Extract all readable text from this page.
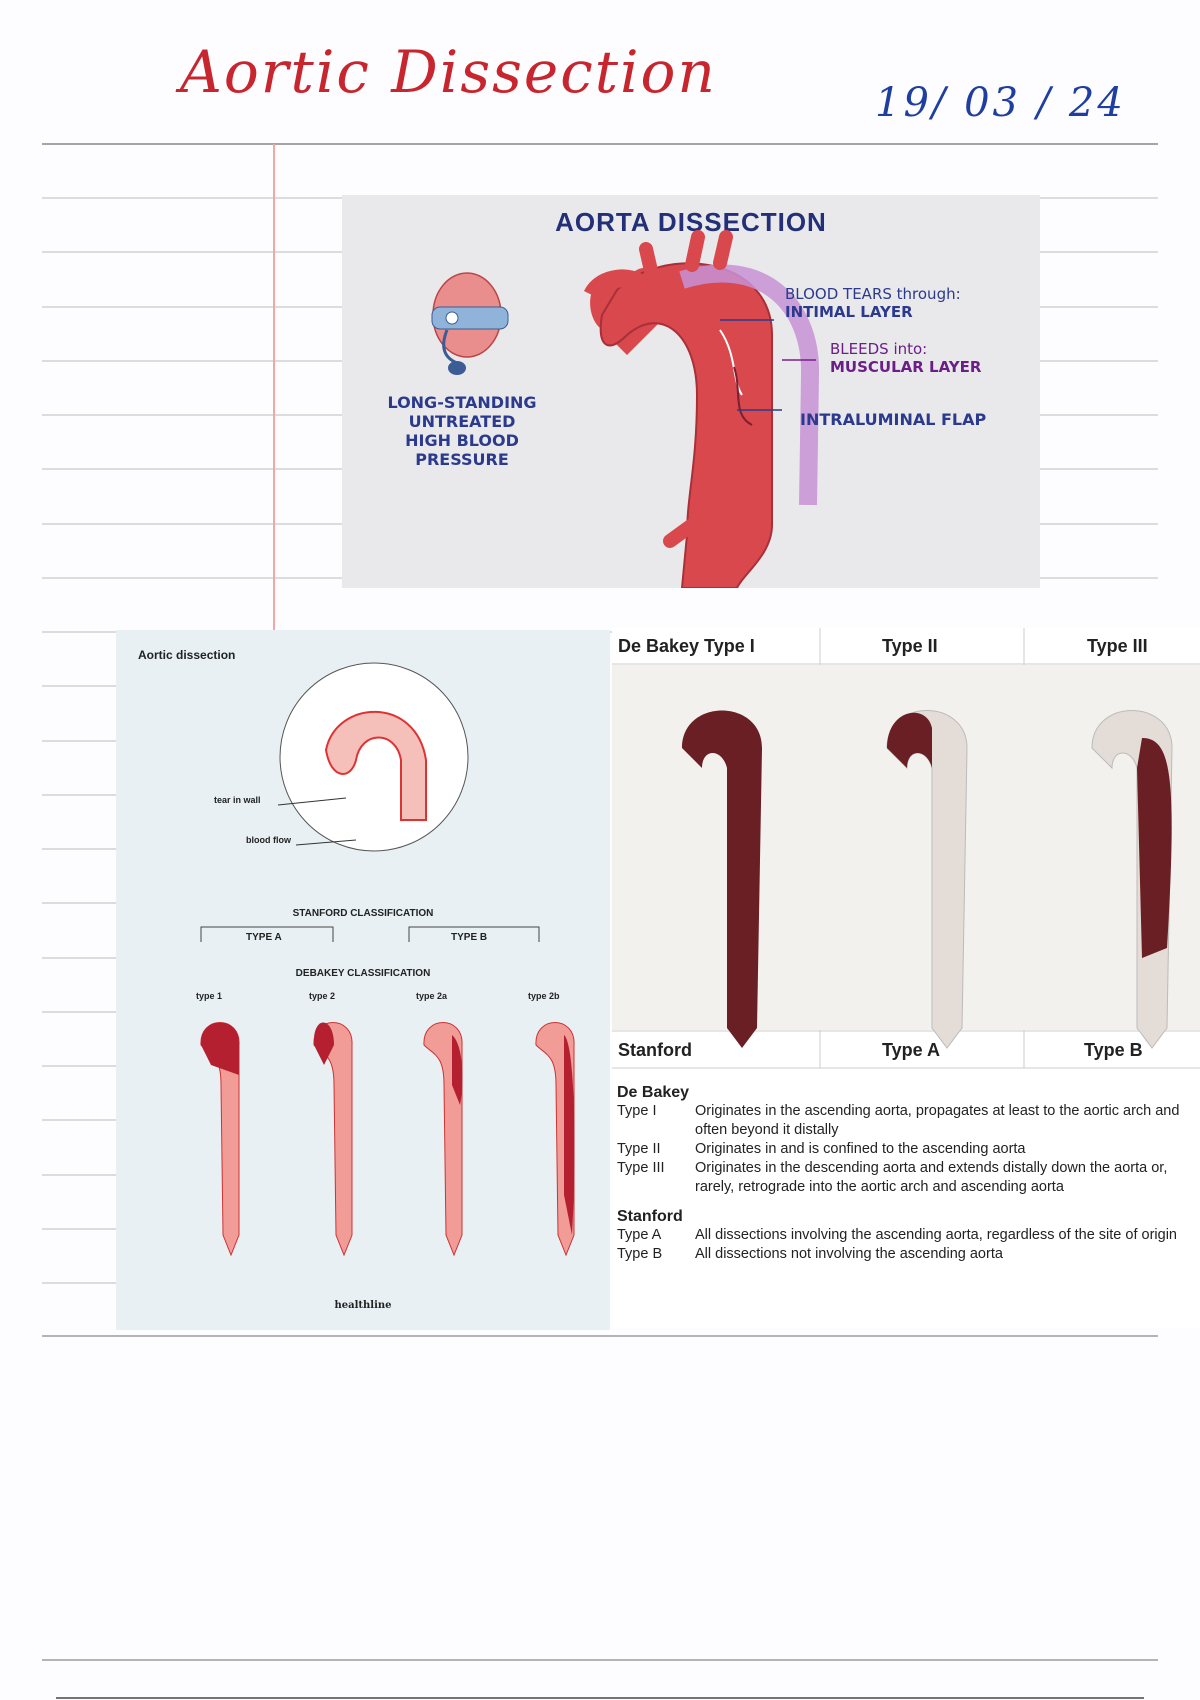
Aortic Dissection	19/ 03 / 24
AORTA DISSECTION
LONG-STANDING
UNTREATED
HIGH BLOOD PRESSURE
BLOOD TEARS through:
INTIMAL LAYER
BLEEDS into:
MUSCULAR LAYER
INTRALUMINAL FLAP
Aortic dissection
tear in wall
blood flow
STANFORD CLASSIFICATION
TYPE A	TYPE B
DEBAKEY CLASSIFICATION
type 1	type 2	type 2a	type 2b
healthline
De Bakey Type I	Type II	Type III
Stanford	Type A	Type B
De Bakey
Type I	Originates in the ascending aorta, propagates at least to the aortic arch and often beyond it distally
Type II	Originates in and is confined to the ascending aorta
Type III	Originates in the descending aorta and extends distally down the aorta or, rarely, retrograde into the aortic arch and ascending aorta
Stanford
Type A	All dissections involving the ascending aorta, regardless of the site of origin
Type B	All dissections not involving the ascending aorta
